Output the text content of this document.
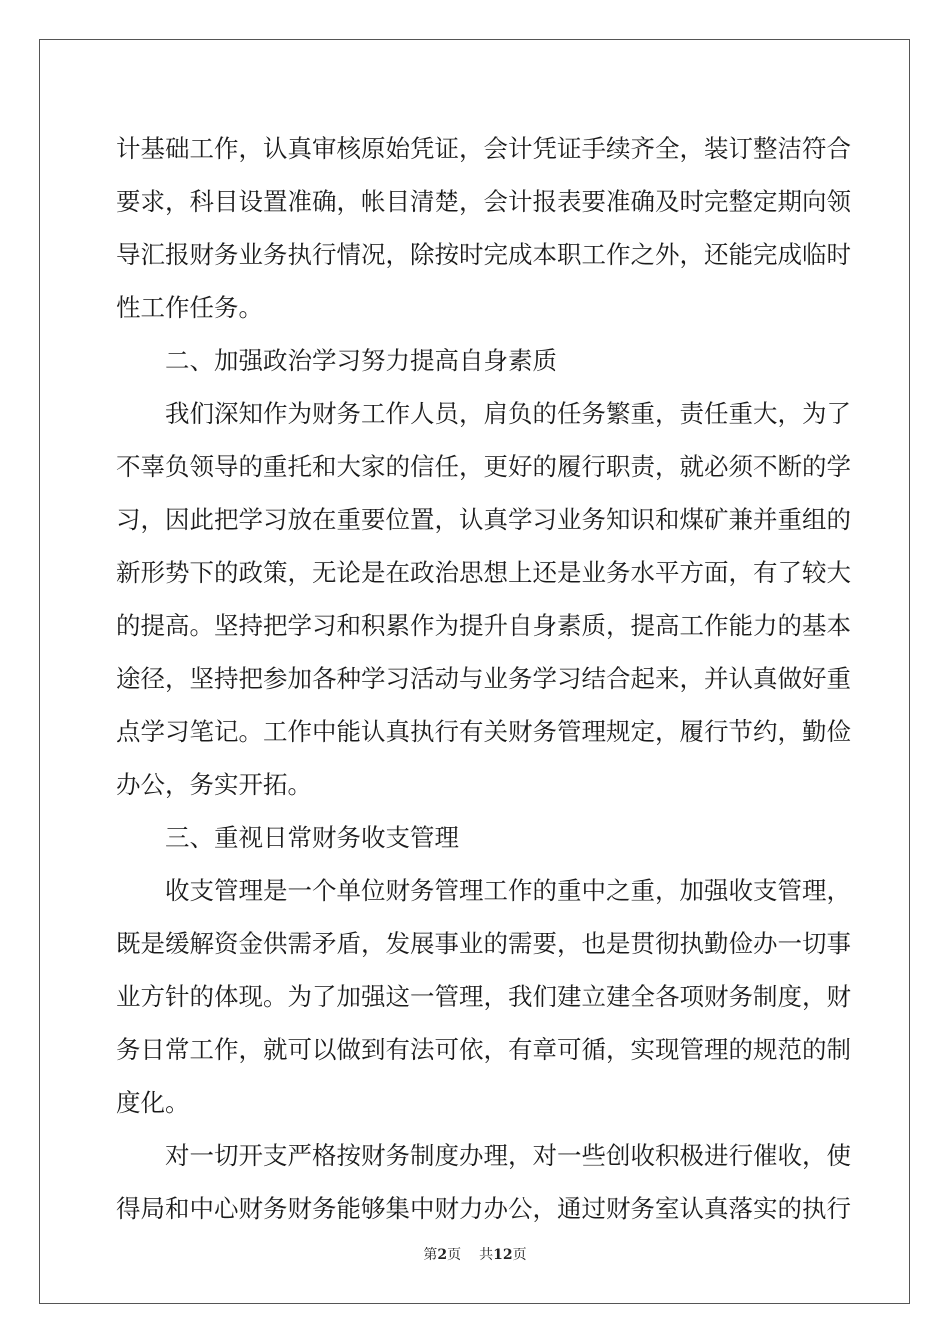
计基础工作，认真审核原始凭证，会计凭证手续齐全，装订整洁符合
要求，科目设置准确，帐目清楚，会计报表要准确及时完整定期向领
导汇报财务业务执行情况，除按时完成本职工作之外，还能完成临时
性工作任务。
二、加强政治学习努力提高自身素质
我们深知作为财务工作人员，肩负的任务繁重，责任重大，为了
不辜负领导的重托和大家的信任，更好的履行职责，就必须不断的学
习，因此把学习放在重要位置，认真学习业务知识和煤矿兼并重组的
新形势下的政策，无论是在政治思想上还是业务水平方面，有了较大
的提高。坚持把学习和积累作为提升自身素质，提高工作能力的基本
途径，坚持把参加各种学习活动与业务学习结合起来，并认真做好重
点学习笔记。工作中能认真执行有关财务管理规定，履行节约，勤俭
办公，务实开拓。
三、重视日常财务收支管理
收支管理是一个单位财务管理工作的重中之重，加强收支管理，
既是缓解资金供需矛盾，发展事业的需要，也是贯彻执勤俭办一切事
业方针的体现。为了加强这一管理，我们建立建全各项财务制度，财
务日常工作，就可以做到有法可依，有章可循，实现管理的规范的制
度化。
对一切开支严格按财务制度办理，对一些创收积极进行催收，使
得局和中心财务财务能够集中财力办公，通过财务室认真落实的执行
第2页 共12页
